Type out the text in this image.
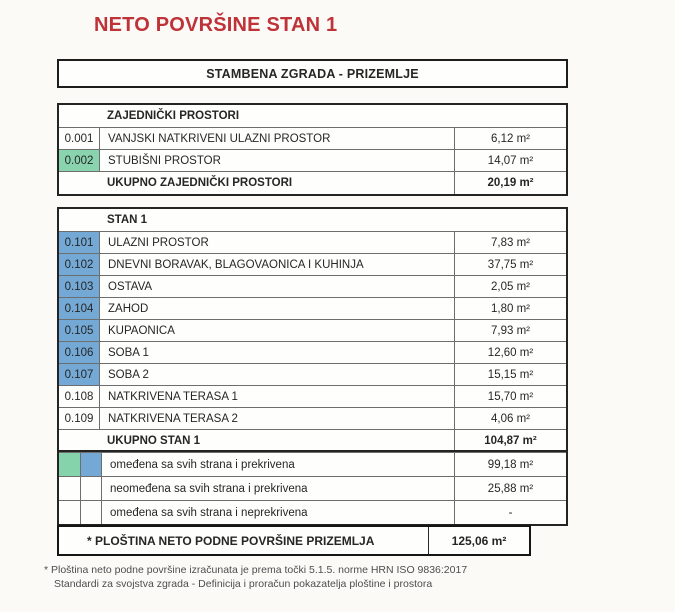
NETO POVRŠINE STAN 1
STAMBENA ZGRADA - PRIZEMLJE
ZAJEDNIČKI PROSTORI
0.001	VANJSKI NATKRIVENI ULAZNI PROSTOR	6,12 m²
0.002	STUBIŠNI PROSTOR	14,07 m²
UKUPNO ZAJEDNIČKI PROSTORI	20,19 m²
STAN 1
0.101	ULAZNI PROSTOR	7,83 m²
0.102	DNEVNI BORAVAK, BLAGOVAONICA I KUHINJA	37,75 m²
0.103	OSTAVA	2,05 m²
0.104	ZAHOD	1,80 m²
0.105	KUPAONICA	7,93 m²
0.106	SOBA 1	12,60 m²
0.107	SOBA 2	15,15 m²
0.108	NATKRIVENA TERASA 1	15,70 m²
0.109	NATKRIVENA TERASA 2	4,06 m²
UKUPNO STAN 1	104,87 m²
omeđena sa svih strana i prekrivena	99,18 m²
neomeđena sa svih strana i prekrivena	25,88 m²
omeđena sa svih strana i neprekrivena	-
* PLOŠTINA NETO PODNE POVRŠINE PRIZEMLJA	125,06 m²
* Ploština neto podne površine izračunata je prema točki 5.1.5. norme HRN ISO 9836:2017
Standardi za svojstva zgrada - Definicija i proračun pokazatelja ploštine i prostora
